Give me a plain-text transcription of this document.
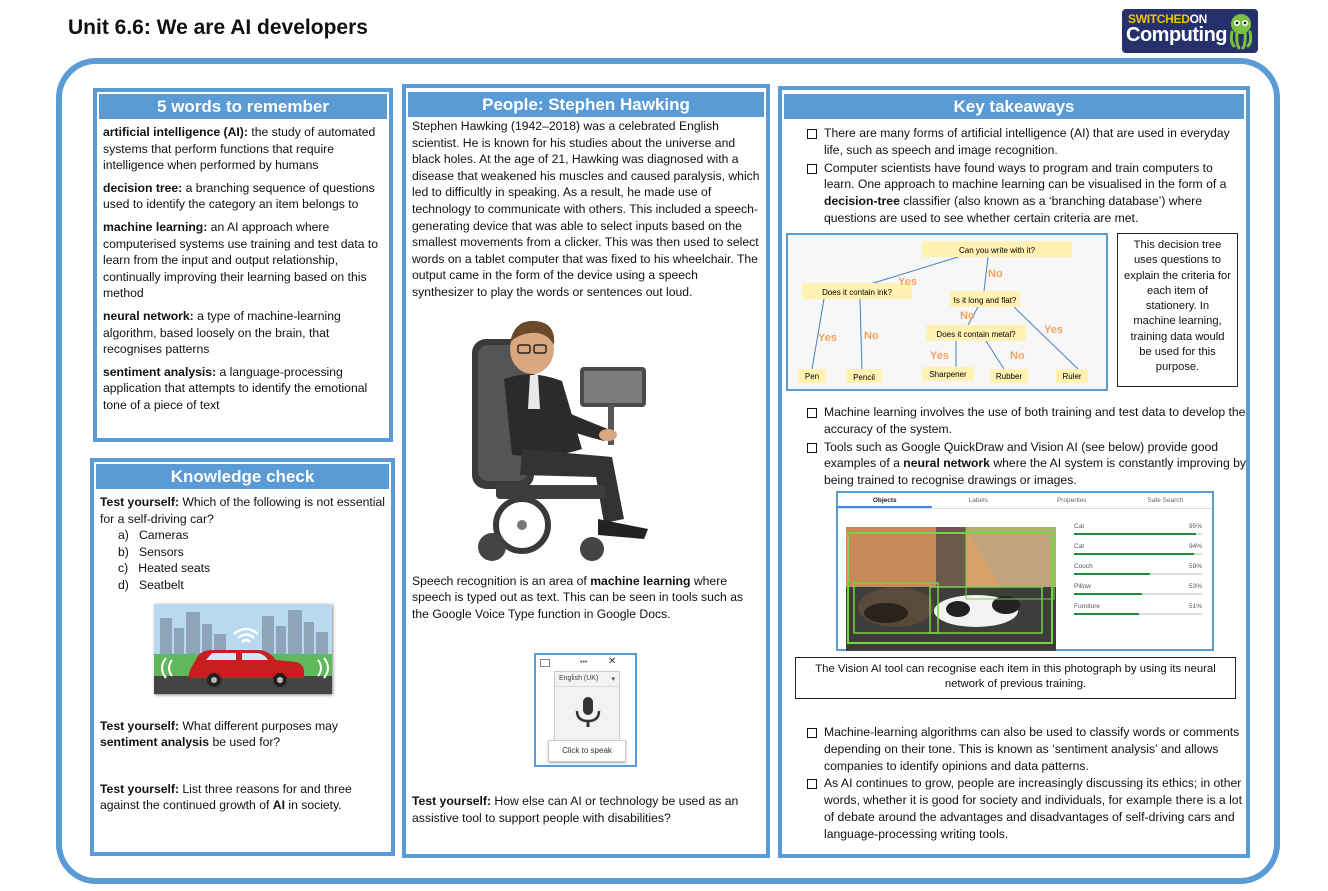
Unit 6.6: We are AI developers	SWITCHEDON
Computing
5 words to remember

artificial intelligence (AI): the study of automated systems that perform functions that require intelligence when performed by humans

decision tree: a branching sequence of questions used to identify the category an item belongs to

machine learning: an AI approach where computerised systems use training and test data to learn from the input and output relationship, continually improving their learning based on this method

neural network: a type of machine-learning algorithm, based loosely on the brain, that recognises patterns

sentiment analysis: a language-processing application that attempts to identify the emotional tone of a piece of text

Knowledge check
Test yourself: Which of the following is not essential for a self-driving car?
a)   Cameras
b)   Sensors
c)   Heated seats
d)   Seatbelt
Test yourself: What different purposes may sentiment analysis be used for?
Test yourself: List three reasons for and three against the continued growth of AI in society.
People: Stephen Hawking
Stephen Hawking (1942–2018) was a celebrated English scientist. He is known for his studies about the universe and black holes. At the age of 21, Hawking was diagnosed with a disease that weakened his muscles and caused paralysis, which led to difficultly in speaking. As a result, he made use of technology to communicate with others. This included a speech-generating device that was able to select inputs based on the smallest movements from a clicker. This was then used to select words on a tablet computer that was fixed to his wheelchair. The output came in the form of the device using a speech synthesizer to play the words or sentences out loud.
Speech recognition is an area of machine learning where speech is typed out as text. This can be seen in tools such as the Google Voice Type function in Google Docs.
Test yourself: How else can AI or technology be used as an assistive tool to support people with disabilities?
••• ✕
English (UK) ▾
Click to speak
Key takeaways
There are many forms of artificial intelligence (AI) that are used in everyday life, such as speech and image recognition.
Computer scientists have found ways to program and train computers to learn. One approach to machine learning can be visualised in the form of a decision-tree classifier (also known as a ‘branching database’) where questions are used to see whether certain criteria are met.
Machine learning involves the use of both training and test data to develop the accuracy of the system.
Tools such as Google QuickDraw and Vision AI (see below) provide good examples of a neural network where the AI system is constantly improving by being trained to recognise drawings or images.
Machine-learning algorithms can also be used to classify words or comments depending on their tone. This is known as ‘sentiment analysis’ and allows companies to identify opinions and data patterns.
As AI continues to grow, people are increasingly discussing its ethics; in other words, whether it is good for society and individuals, for example there is a lot of debate around the advantages and disadvantages of self-driving cars and language-processing writing tools.
Can you write with it?
Does it contain ink?
Is it long and flat?
Does it contain metal?
Yes
No
Yes No
No
Yes
Yes	No
Pen	Pencil	Sharpener	Rubber	Ruler
This decision tree uses questions to explain the criteria for each item of stationery. In machine learning, training data would be used for this purpose.
Objects	Labels	Properties	Safe Search
Cat	95%
Cat	94%
Couch	59%
Pillow	53%
Furniture	51%
The Vision AI tool can recognise each item in this photograph by using its neural network of previous training.
